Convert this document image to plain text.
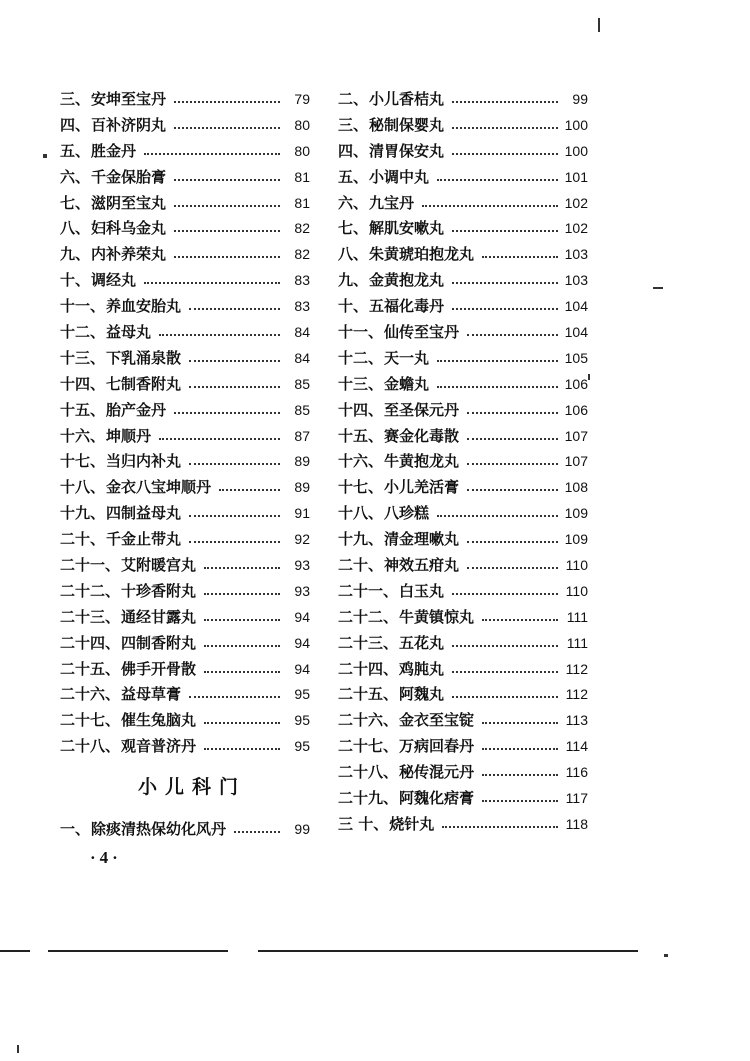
三、 安坤至宝丹	79
四、 百补济阴丸	80
五、 胜金丹	80
六、 千金保胎膏	81
七、 滋阴至宝丸	81
八、 妇科乌金丸	82
九、 内补养荣丸	82
十、 调经丸	83
十一、 养血安胎丸	83
十二、 益母丸	84
十三、 下乳涌泉散	84
十四、 七制香附丸	85
十五、 胎产金丹	85
十六、 坤顺丹	87
十七、 当归内补丸	89
十八、 金衣八宝坤顺丹	89
十九、 四制益母丸	91
二十、 千金止带丸	92
二十一、 艾附暖宫丸	93
二十二、 十珍香附丸	93
二十三、 通经甘露丸	94
二十四、 四制香附丸	94
二十五、 佛手开骨散	94
二十六、 益母草膏	95
二十七、 催生兔脑丸	95
二十八、 观音普济丹	95
小儿科门
一、 除痰清热保幼化风丹	99
二、 小儿香桔丸	99
三、 秘制保婴丸	100
四、 清胃保安丸	100
五、 小调中丸	101
六、 九宝丹	102
七、 解肌安嗽丸	102
八、 朱黄琥珀抱龙丸	103
九、 金黄抱龙丸	103
十、 五福化毒丹	104
十一、 仙传至宝丹	104
十二、 天一丸	105
十三、 金蟾丸	106
十四、 至圣保元丹	106
十五、 赛金化毒散	107
十六、 牛黄抱龙丸	107
十七、 小儿羌活膏	108
十八、 八珍糕	109
十九、 清金理嗽丸	109
二十、 神效五疳丸	110
二十一、 白玉丸	110
二十二、 牛黄镇惊丸	111
二十三、 五花丸	111
二十四、 鸡肫丸	112
二十五、 阿魏丸	112
二十六、 金衣至宝锭	113
二十七、 万病回春丹	114
二十八、 秘传混元丹	116
二十九、 阿魏化痞膏	117
三 十、 烧针丸	118
·4·
